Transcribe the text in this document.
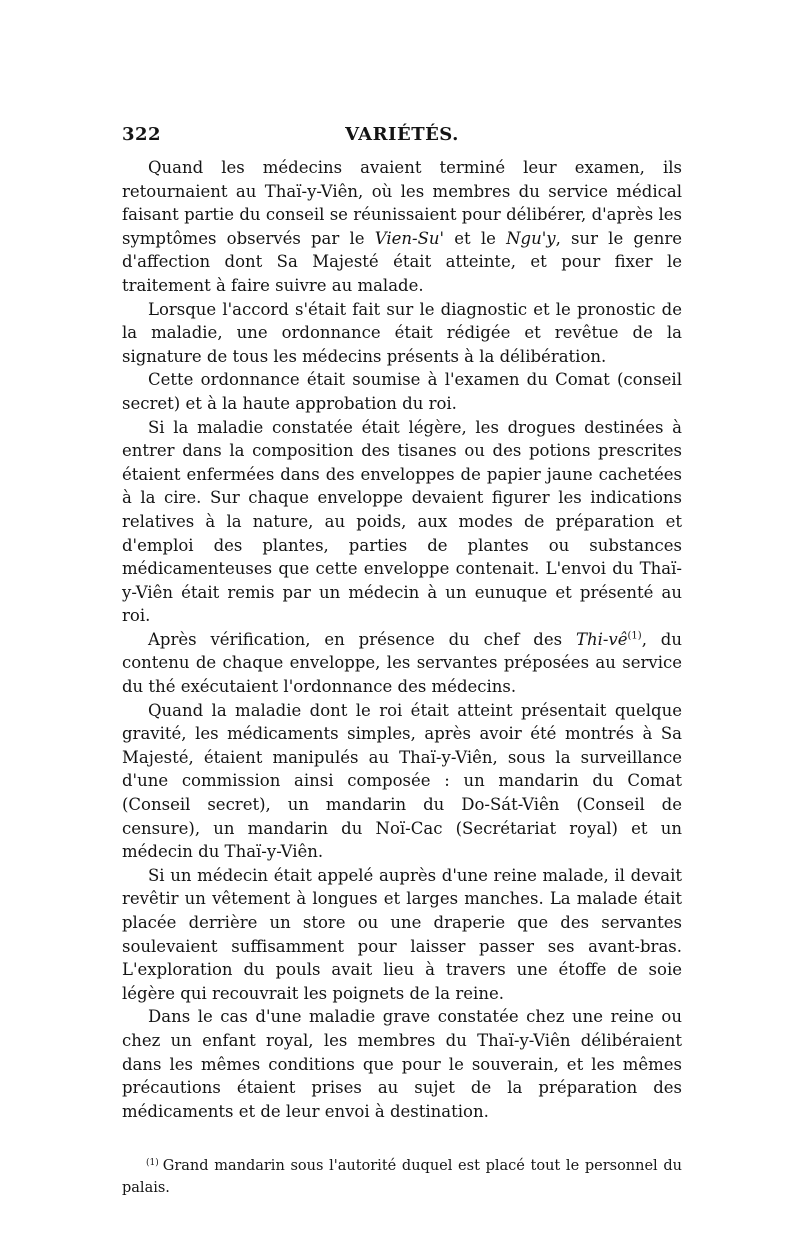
322	VARIÉTÉS.

Quand les médecins avaient terminé leur examen, ils retournaient au Thaï-y-Viên, où les membres du service médical faisant partie du conseil se réunissaient pour délibérer, d'après les symptômes observés par le Vien-Su' et le Ngu'y, sur le genre d'affection dont Sa Majesté était atteinte, et pour fixer le traitement à faire suivre au malade.

Lorsque l'accord s'était fait sur le diagnostic et le pronostic de la maladie, une ordonnance était rédigée et revêtue de la signature de tous les médecins présents à la délibération.

Cette ordonnance était soumise à l'examen du Comat (conseil secret) et à la haute approbation du roi.

Si la maladie constatée était légère, les drogues destinées à entrer dans la composition des tisanes ou des potions prescrites étaient enfermées dans des enveloppes de papier jaune cachetées à la cire. Sur chaque enveloppe devaient figurer les indications relatives à la nature, au poids, aux modes de préparation et d'emploi des plantes, parties de plantes ou substances médicamenteuses que cette enveloppe contenait. L'envoi du Thaï-y-Viên était remis par un médecin à un eunuque et présenté au roi.

Après vérification, en présence du chef des Thi-vê$^{(1)}$, du contenu de chaque enveloppe, les servantes préposées au service du thé exécutaient l'ordonnance des médecins.

Quand la maladie dont le roi était atteint présentait quelque gravité, les médicaments simples, après avoir été montrés à Sa Majesté, étaient manipulés au Thaï-y-Viên, sous la surveillance d'une commission ainsi composée : un mandarin du Comat (Conseil secret), un mandarin du Do-Sát-Viên (Conseil de censure), un mandarin du Noï-Cac (Secrétariat royal) et un médecin du Thaï-y-Viên.

Si un médecin était appelé auprès d'une reine malade, il devait revêtir un vêtement à longues et larges manches. La malade était placée derrière un store ou une draperie que des servantes soulevaient suffisamment pour laisser passer ses avant-bras. L'exploration du pouls avait lieu à travers une étoffe de soie légère qui recouvrait les poignets de la reine.

Dans le cas d'une maladie grave constatée chez une reine ou chez un enfant royal, les membres du Thaï-y-Viên délibéraient dans les mêmes conditions que pour le souverain, et les mêmes précautions étaient prises au sujet de la préparation des médicaments et de leur envoi à destination.

$^{(1)}$ Grand mandarin sous l'autorité duquel est placé tout le personnel du palais.
